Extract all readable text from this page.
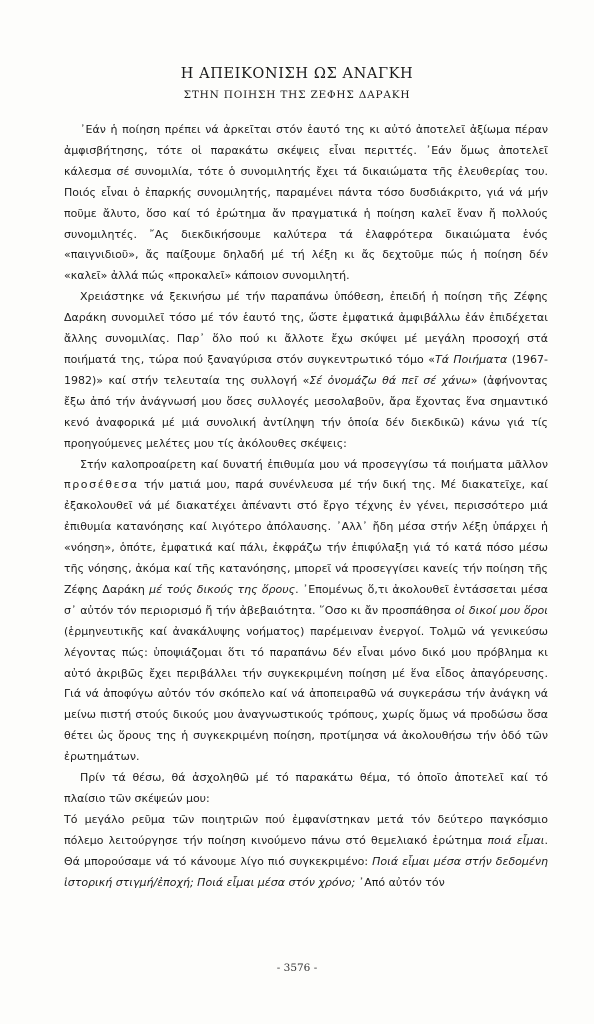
Η ΑΠΕΙΚΟΝΙΣΗ ΩΣ ΑΝΑΓΚΗ
ΣΤΗΝ ΠΟΙΗΣΗ ΤΗΣ ΖΕΦΗΣ ΔΑΡΑΚΗ

᾿Εάν ἡ ποίηση πρέπει νά ἀρκεῖται στόν ἑαυτό της κι αὐτό ἀποτελεῖ ἀξίωμα πέραν ἀμφισβήτησης, τότε οἱ παρακάτω σκέψεις εἶναι περιττές. ᾿Εάν ὅμως ἀποτελεῖ κάλεσμα σέ συνομιλία, τότε ὁ συνομιλητής ἔχει τά δικαιώματα τῆς ἐλευθερίας του. Ποιός εἶναι ὁ ἐπαρκής συνομιλητής, παραμένει πάντα τόσο δυσδιάκριτο, γιά νά μήν ποῦμε ἄλυτο, ὅσο καί τό ἐρώτημα ἄν πραγματικά ἡ ποίηση καλεῖ ἕναν ἤ πολλούς συνομιλητές. ῎Ας διεκδικήσουμε καλύτερα τά ἐλαφρότερα δικαιώματα ἑνός «παιγνιδιοῦ», ἄς παίξουμε δηλαδή μέ τή λέξη κι ἄς δεχτοῦμε πώς ἡ ποίηση δέν «καλεῖ» ἀλλά πώς «προκαλεῖ» κάποιον συνομιλητή.

Χρειάστηκε νά ξεκινήσω μέ τήν παραπάνω ὑπόθεση, ἐπειδή ἡ ποίηση τῆς Ζέφης Δαράκη συνομιλεῖ τόσο μέ τόν ἑαυτό της, ὥστε ἐμφατικά ἀμφιβάλλω ἐάν ἐπιδέχεται ἄλλης συνομιλίας. Παρ᾿ ὅλο πού κι ἄλλοτε ἔχω σκύψει μέ μεγάλη προσοχή στά ποιήματά της, τώρα πού ξαναγύρισα στόν συγκεντρωτικό τόμο «Τά Ποιήματα (1967-1982)» καί στήν τελευταία της συλλογή «Σέ ὀνομάζω θά πεῖ σέ χάνω» (ἀφήνοντας ἔξω ἀπό τήν ἀνάγνωσή μου ὅσες συλλογές μεσολαβοῦν, ἄρα ἔχοντας ἕνα σημαντικό κενό ἀναφορικά μέ μιά συνολική ἀντίληψη τήν ὁποία δέν διεκδικῶ) κάνω γιά τίς προηγούμενες μελέτες μου τίς ἀκόλουθες σκέψεις:

Στήν καλοπροαίρετη καί δυνατή ἐπιθυμία μου νά προσεγγίσω τά ποιήματα μᾶλλον προσέθεσα τήν ματιά μου, παρά συνένλευσα μέ τήν δική της. Μέ διακατεῖχε, καί ἐξακολουθεῖ νά μέ διακατέχει ἀπέναντι στό ἔργο τέχνης ἐν γένει, περισσότερο μιά ἐπιθυμία κατανόησης καί λιγότερο ἀπόλαυσης. ᾿Αλλ᾿ ἤδη μέσα στήν λέξη ὑπάρχει ἡ «νόηση», ὁπότε, ἐμφατικά καί πάλι, ἐκφράζω τήν ἐπιφύλαξη γιά τό κατά πόσο μέσω τῆς νόησης, ἀκόμα καί τῆς κατανόησης, μπορεῖ νά προσεγγίσει κανείς τήν ποίηση τῆς Ζέφης Δαράκη μέ τούς δικούς της ὅρους. ᾿Επομένως ὅ,τι ἀκολουθεῖ ἐντάσσεται μέσα σ᾿ αὐτόν τόν περιορισμό ἤ τήν ἀβεβαιότητα. ῞Οσο κι ἄν προσπάθησα οἱ δικοί μου ὅροι (ἑρμηνευτικῆς καί ἀνακάλυψης νοήματος) παρέμειναν ἐνεργοί. Τολμῶ νά γενικεύσω λέγοντας πώς: ὑποψιάζομαι ὅτι τό παραπάνω δέν εἶναι μόνο δικό μου πρόβλημα κι αὐτό ἀκριβῶς ἔχει περιβάλλει τήν συγκεκριμένη ποίηση μέ ἕνα εἶδος ἀπαγόρευσης. Γιά νά ἀποφύγω αὐτόν τόν σκόπελο καί νά ἀποπειραθῶ νά συγκεράσω τήν ἀνάγκη νά μείνω πιστή στούς δικούς μου ἀναγνωστικούς τρόπους, χωρίς ὅμως νά προδώσω ὅσα θέτει ὡς ὅρους της ἡ συγκεκριμένη ποίηση, προτίμησα νά ἀκολουθήσω τήν ὁδό τῶν ἐρωτημάτων.

Πρίν τά θέσω, θά ἀσχοληθῶ μέ τό παρακάτω θέμα, τό ὁποῖο ἀποτελεῖ καί τό πλαίσιο τῶν σκέψεών μου:

Τό μεγάλο ρεῦμα τῶν ποιητριῶν πού ἐμφανίστηκαν μετά τόν δεύτερο παγκόσμιο πόλεμο λειτούργησε τήν ποίηση κινούμενο πάνω στό θεμελιακό ἐρώτημα ποιά εἶμαι. Θά μπορούσαμε νά τό κάνουμε λίγο πιό συγκεκριμένο: Ποιά εἶμαι μέσα στήν δεδομένη ἱστορική στιγμή/ἐποχή; Ποιά εἶμαι μέσα στόν χρόνο; ᾿Από αὐτόν τόν

- 3576 -
